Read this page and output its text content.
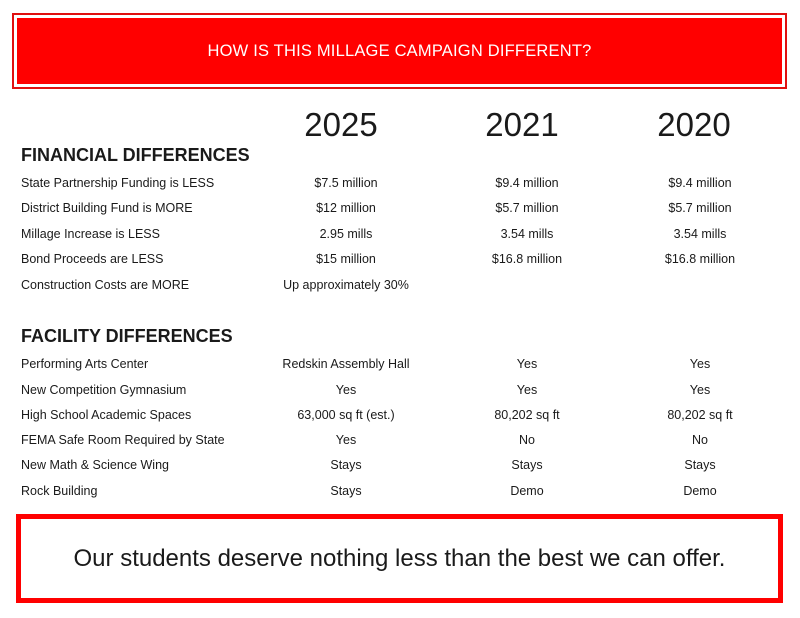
HOW IS THIS MILLAGE CAMPAIGN DIFFERENT?
2025	2021	2020
FINANCIAL DIFFERENCES
State Partnership Funding is LESS	$7.5 million	$9.4 million	$9.4 million
District Building Fund is MORE	$12 million	$5.7 million	$5.7 million
Millage Increase is LESS	2.95 mills	3.54 mills	3.54 mills
Bond Proceeds are LESS	$15 million	$16.8 million	$16.8 million
Construction Costs are MORE	Up approximately 30%
FACILITY DIFFERENCES
Performing Arts Center	Redskin Assembly Hall	Yes	Yes
New Competition Gymnasium	Yes	Yes	Yes
High School Academic Spaces	63,000 sq ft (est.)	80,202 sq ft	80,202 sq ft
FEMA Safe Room Required by State	Yes	No	No
New Math & Science Wing	Stays	Stays	Stays
Rock Building	Stays	Demo	Demo
Our students deserve nothing less than the best we can offer.
